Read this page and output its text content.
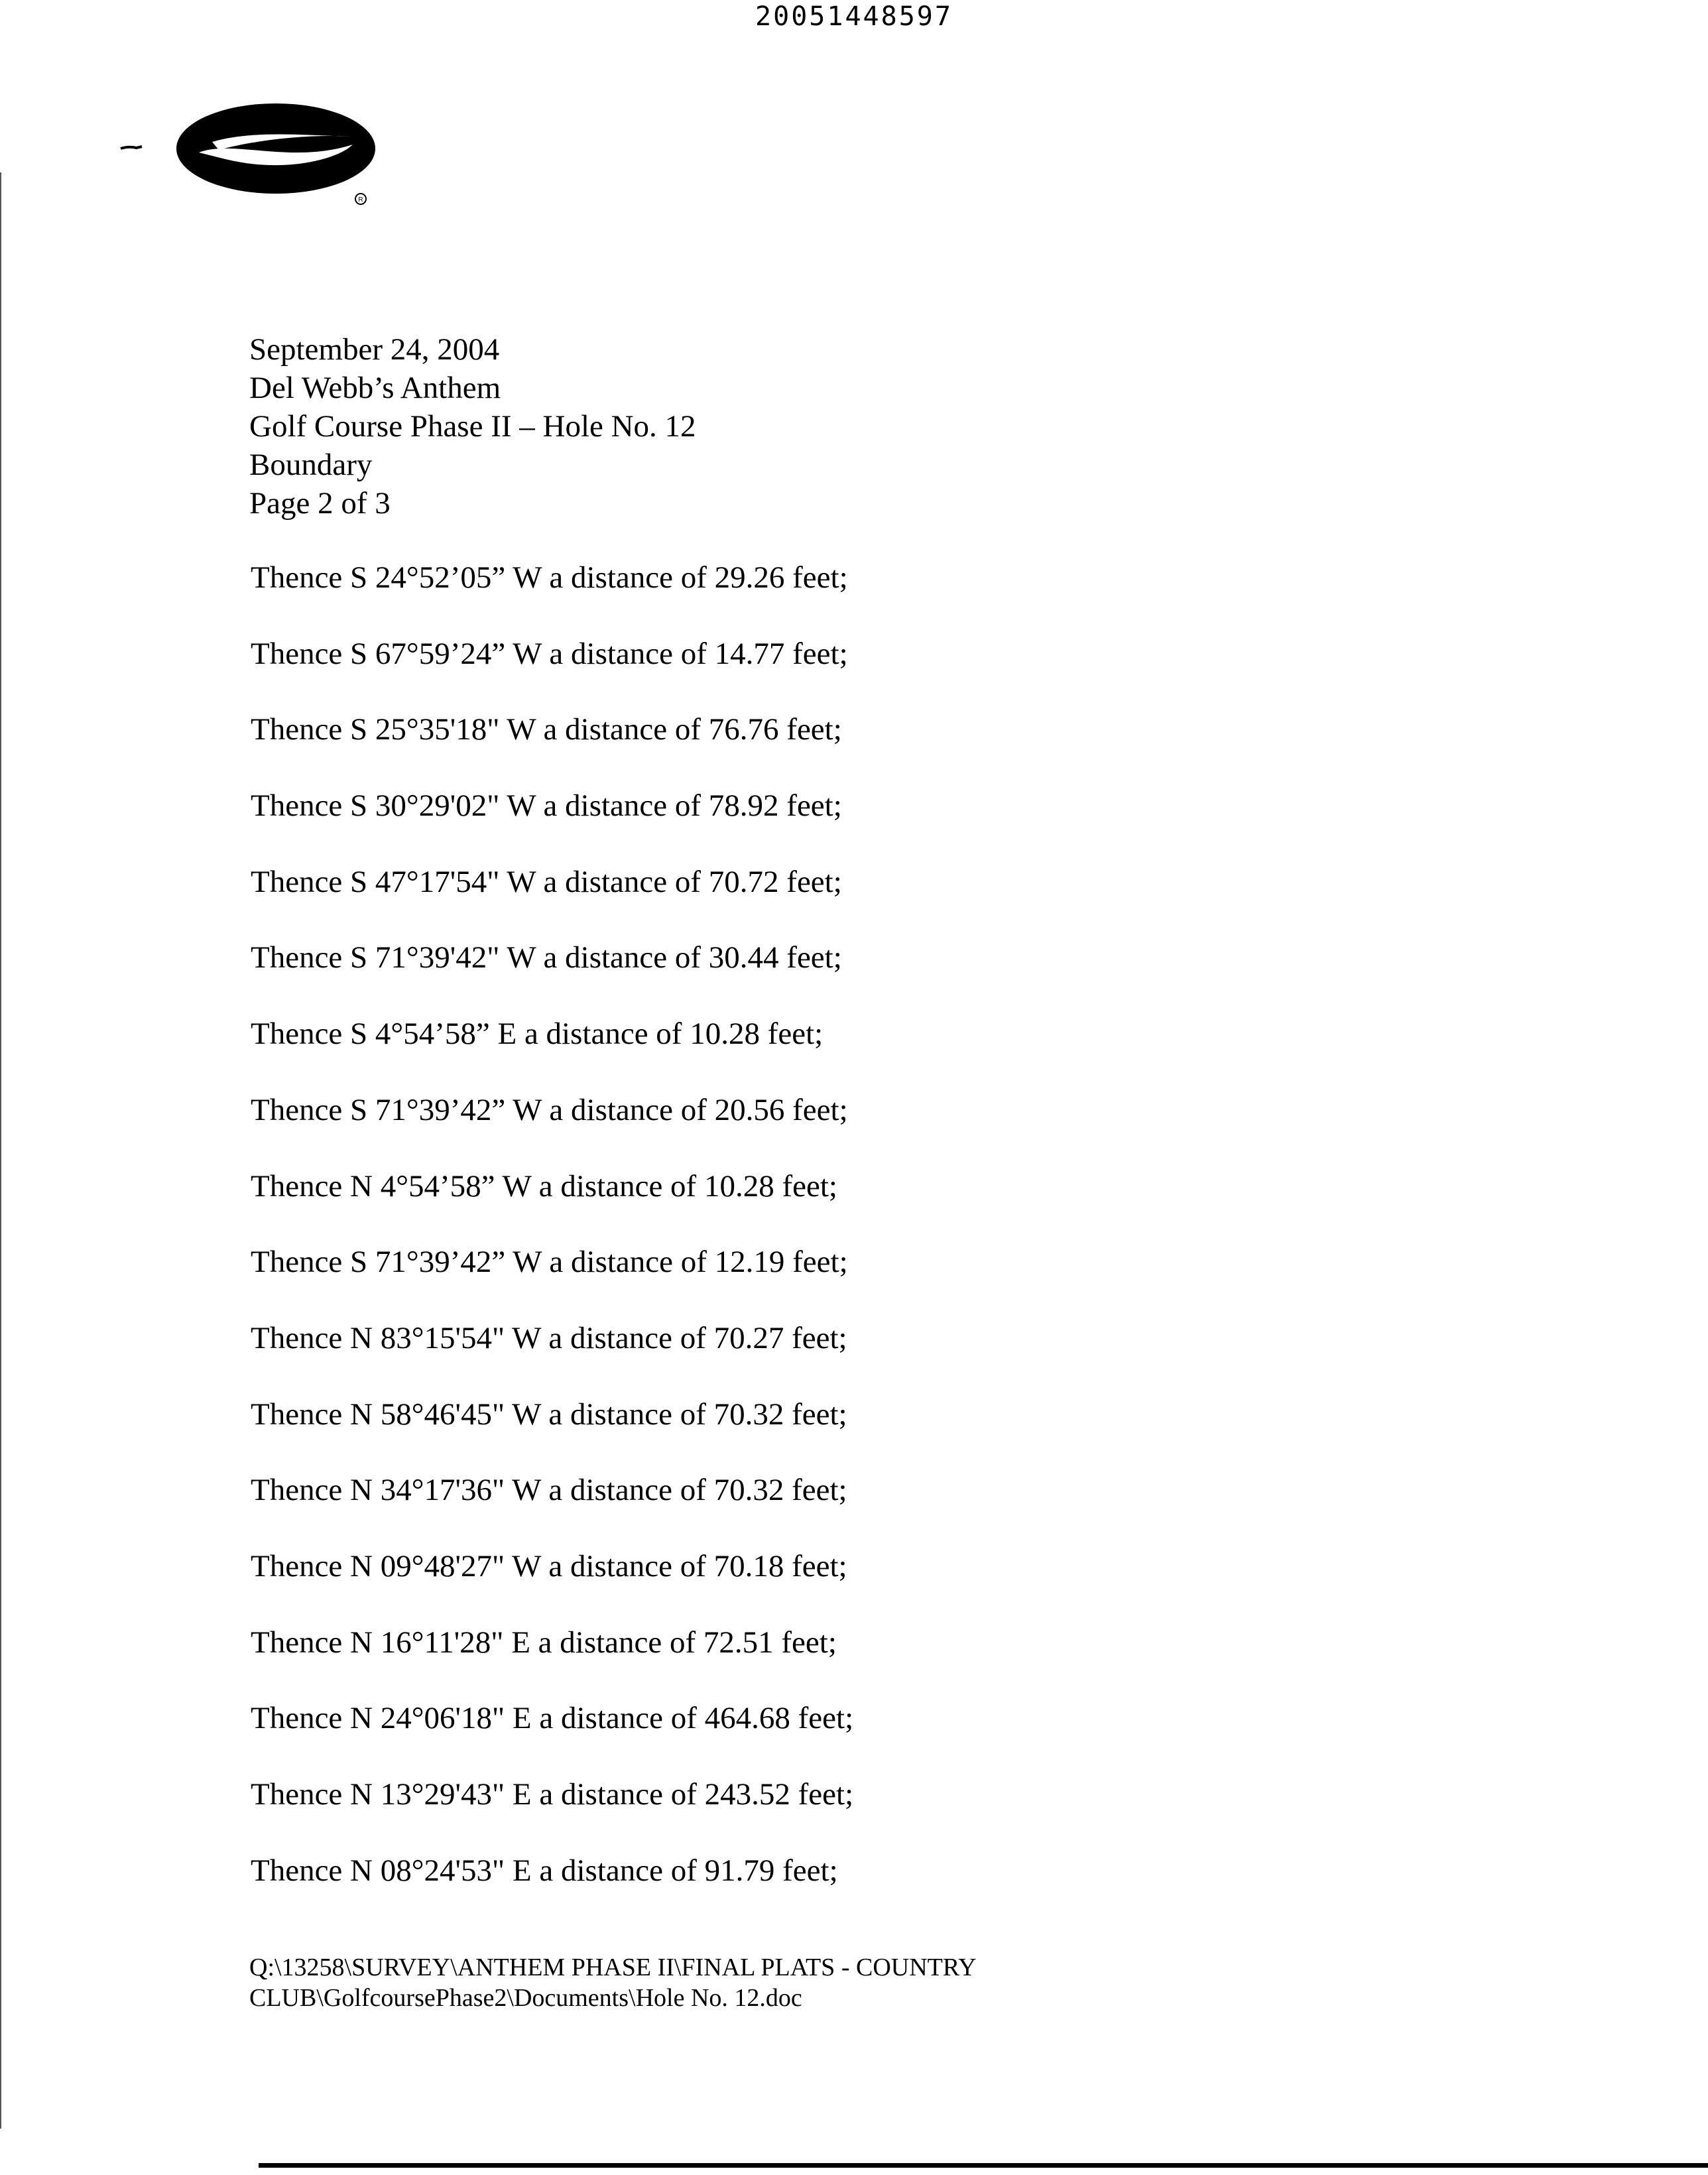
20051448597
R
September 24, 2004
Del Webb’s Anthem
Golf Course Phase II – Hole No. 12
Boundary
Page 2 of 3
Thence S 24°52’05” W a distance of 29.26 feet;
Thence S 67°59’24” W a distance of 14.77 feet;
Thence S 25°35'18" W a distance of 76.76 feet;
Thence S 30°29'02" W a distance of 78.92 feet;
Thence S 47°17'54" W a distance of 70.72 feet;
Thence S 71°39'42" W a distance of 30.44 feet;
Thence S 4°54’58” E a distance of 10.28 feet;
Thence S 71°39’42” W a distance of 20.56 feet;
Thence N 4°54’58” W a distance of 10.28 feet;
Thence S 71°39’42” W a distance of 12.19 feet;
Thence N 83°15'54" W a distance of 70.27 feet;
Thence N 58°46'45" W a distance of 70.32 feet;
Thence N 34°17'36" W a distance of 70.32 feet;
Thence N 09°48'27" W a distance of 70.18 feet;
Thence N 16°11'28" E a distance of 72.51 feet;
Thence N 24°06'18" E a distance of 464.68 feet;
Thence N 13°29'43" E a distance of 243.52 feet;
Thence N 08°24'53" E a distance of 91.79 feet;
Q:\13258\SURVEY\ANTHEM PHASE II\FINAL PLATS - COUNTRY
CLUB\GolfcoursePhase2\Documents\Hole No. 12.doc
